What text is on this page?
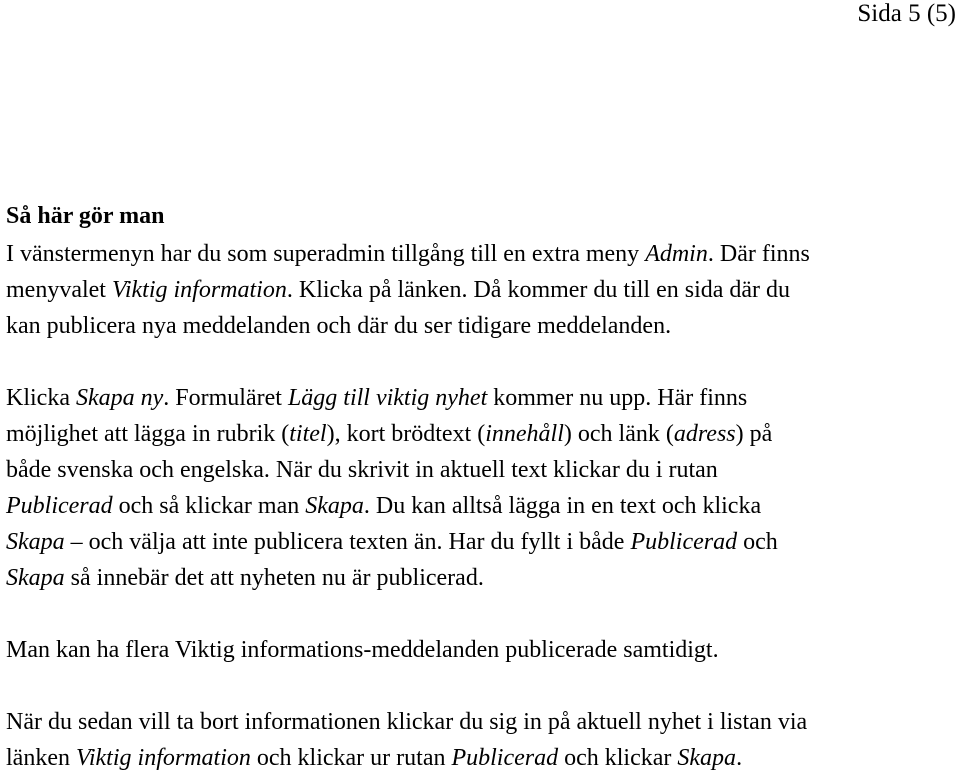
Sida 5 (5)
Så här gör man

I vänstermenyn har du som superadmin tillgång till en extra meny Admin. Där finns
menyvalet Viktig information. Klicka på länken. Då kommer du till en sida där du
kan publicera nya meddelanden och där du ser tidigare meddelanden.

Klicka Skapa ny. Formuläret Lägg till viktig nyhet kommer nu upp. Här finns
möjlighet att lägga in rubrik (titel), kort brödtext (innehåll) och länk (adress) på
både svenska och engelska. När du skrivit in aktuell text klickar du i rutan
Publicerad och så klickar man Skapa. Du kan alltså lägga in en text och klicka
Skapa – och välja att inte publicera texten än. Har du fyllt i både Publicerad och
Skapa så innebär det att nyheten nu är publicerad.

Man kan ha flera Viktig informations-meddelanden publicerade samtidigt.

När du sedan vill ta bort informationen klickar du sig in på aktuell nyhet i listan via
länken Viktig information och klickar ur rutan Publicerad och klickar Skapa.
